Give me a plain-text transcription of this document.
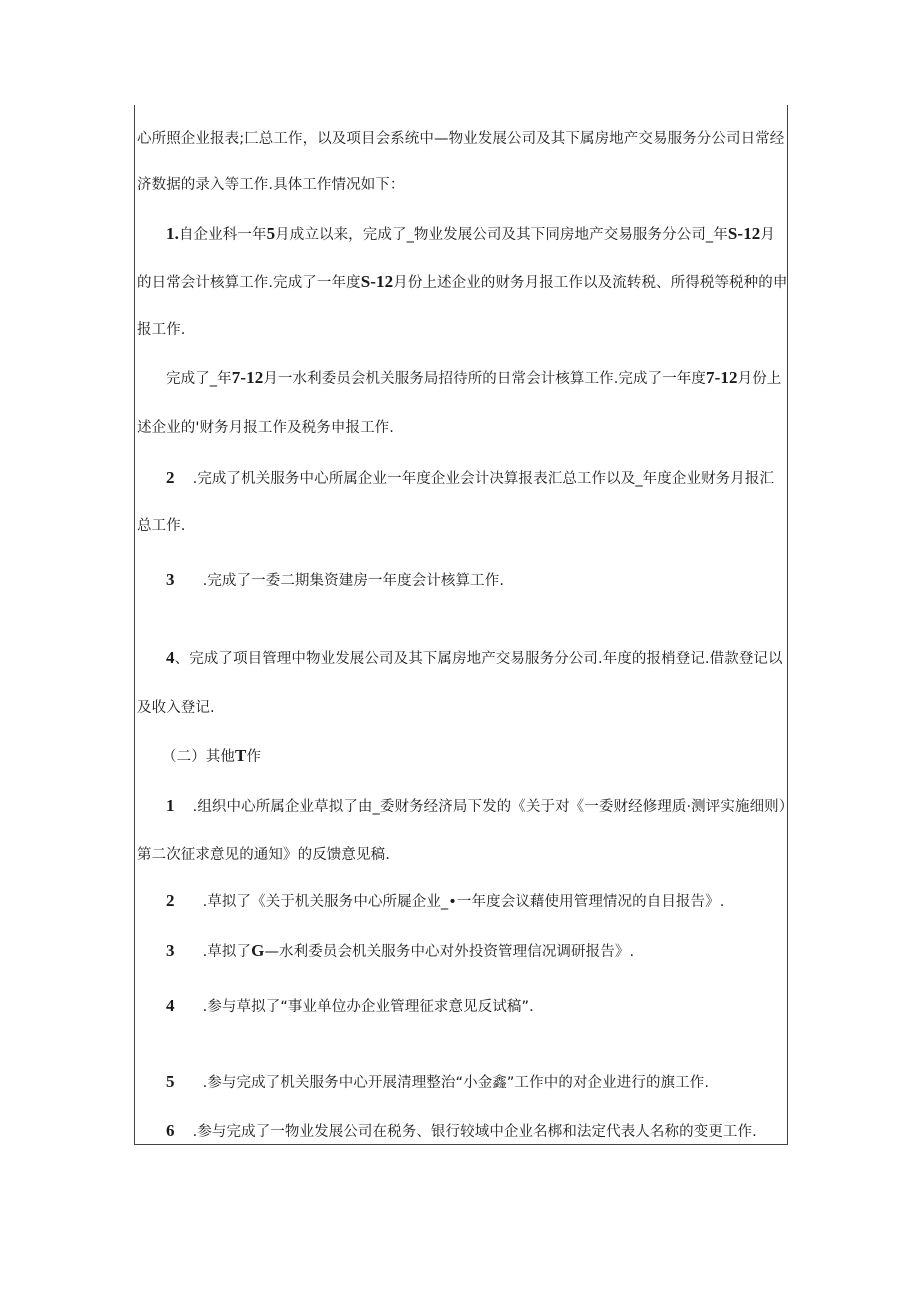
心所照企业报表;匚总工作，以及项目会系统中—物业发展公司及其下属房地产交易服务分公司日常经
济数据的录入等工作.具体工作情况如下：
1.自企业科一年5月成立以来，完成了_物业发展公司及其下同房地产交易服务分公司_年S-12月
的日常会计核算工作.完成了一年度S-12月份上述企业的财务月报工作以及流转税、所得税等税种的申
报工作.
完成了_年7-12月一水利委员会机关服务局招待所的日常会计核算工作.完成了一年度7-12月份上
述企业的'财务月报工作及税务申报工作.
2 .完成了机关服务中心所属企业一年度企业会计决算报表汇总工作以及_年度企业财务月报汇
总工作.
3 .完成了一委二期集资建房一年度会计核算工作.
4、完成了项目管理中物业发展公司及其下属房地产交易服务分公司.年度的报梢登记.借款登记以
及收入登记.
（二）其他T作
1 .组织中心所属企业草拟了由_委财务经济局下发的《关于对《一委财经修理质·测评实施细则）
第二次征求意见的通知》的反馈意见稿.
2 .草拟了《关于机关服务中心所屣企业_•一年度会议藉使用管理情况的自目报告》.
3 .草拟了G—水利委员会机关服务中心对外投资管理信况调研报告》.
4 .参与草拟了“事业单位办企业管理征求意见反试稿”.
5 .参与完成了机关服务中心开展清理整治“小金鑫”工作中的对企业进行的旗工作.
6 .参与完成了一物业发展公司在税务、银行较域中企业名梆和法定代表人名称的变更工作.
